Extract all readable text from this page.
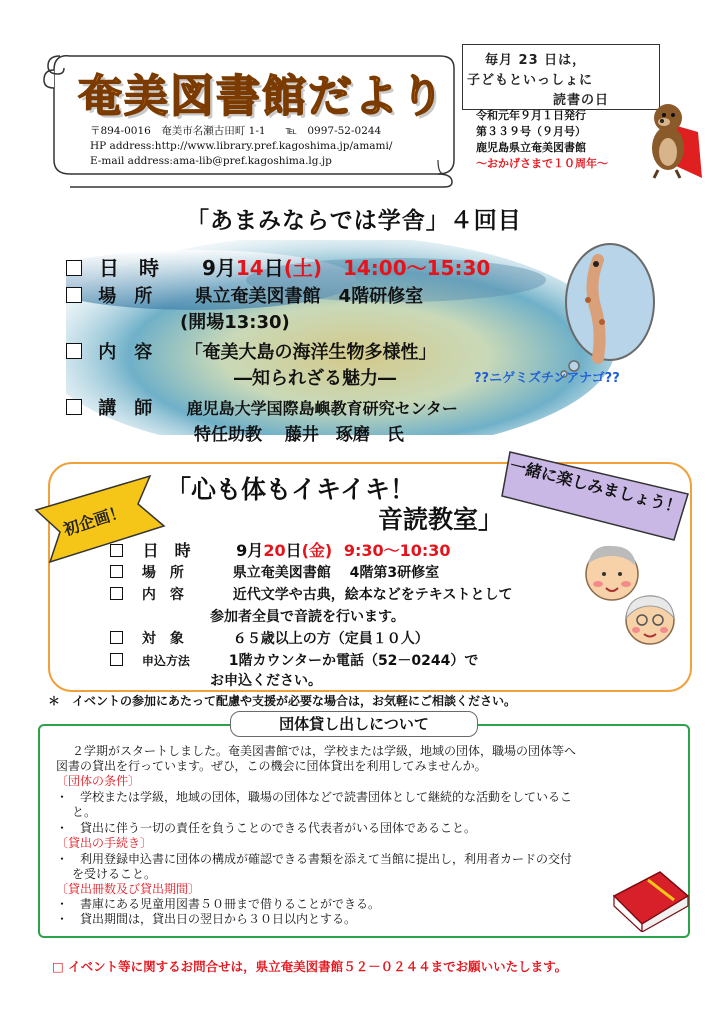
奄美図書館だより
〒894-0016　奄美市名瀬古田町 1-1 ℡　0997-52-0244
HP address:http://www.library.pref.kagoshima.jp/amami/
E-mail address:ama-lib@pref.kagoshima.lg.jp
毎月 23 日は，
子どもといっしょに
読書の日
令和元年９月１日発行
第３３９号（９月号）
鹿児島県立奄美図書館
～おかげさまで１０周年～
「あまみならでは学舎」４回目
??ニゲミズチンアナゴ??
日　時 9月14日(土) 14:00～15:30
場　所 県立奄美図書館　4階研修室
(開場13:30)
内　容 「奄美大島の海洋生物多様性」
―知られざる魅力―
講　師 鹿児島大学国際島嶼教育研究センター
特任助教　 藤井　琢磨　氏
初企画！
「心も体もイキイキ！
音読教室」
一緒に楽しみましょう！
日　時	9月20日(金) 9:30～10:30
場　所	県立奄美図書館　 4階第3研修室
内　容	近代文学や古典，絵本などをテキストとして
参加者全員で音読を行います。
対　象	６５歳以上の方（定員１０人）
申込方法	1階カウンターか電話（52－0244）で
お申込ください。
＊　イベントの参加にあたって配慮や支援が必要な場合は，お気軽にご相談ください。
団体貸し出しについて
２学期がスタートしました。奄美図書館では，学校または学級，地域の団体，職場の団体等へ
図書の貸出を行っています。ぜひ，この機会に団体貸出を利用してみませんか。
〔団体の条件〕
・　学校または学級，地域の団体，職場の団体などで読書団体として継続的な活動をしているこ
と。
・　貸出に伴う一切の責任を負うことのできる代表者がいる団体であること。
〔貸出の手続き〕
・　利用登録申込書に団体の構成が確認できる書類を添えて当館に提出し，利用者カードの交付
を受けること。
〔貸出冊数及び貸出期間〕
・　書庫にある児童用図書５０冊まで借りることができる。
・　貸出期間は，貸出日の翌日から３０日以内とする。
□ イベント等に関するお問合せは，県立奄美図書館５２－０２４４までお願いいたします。
